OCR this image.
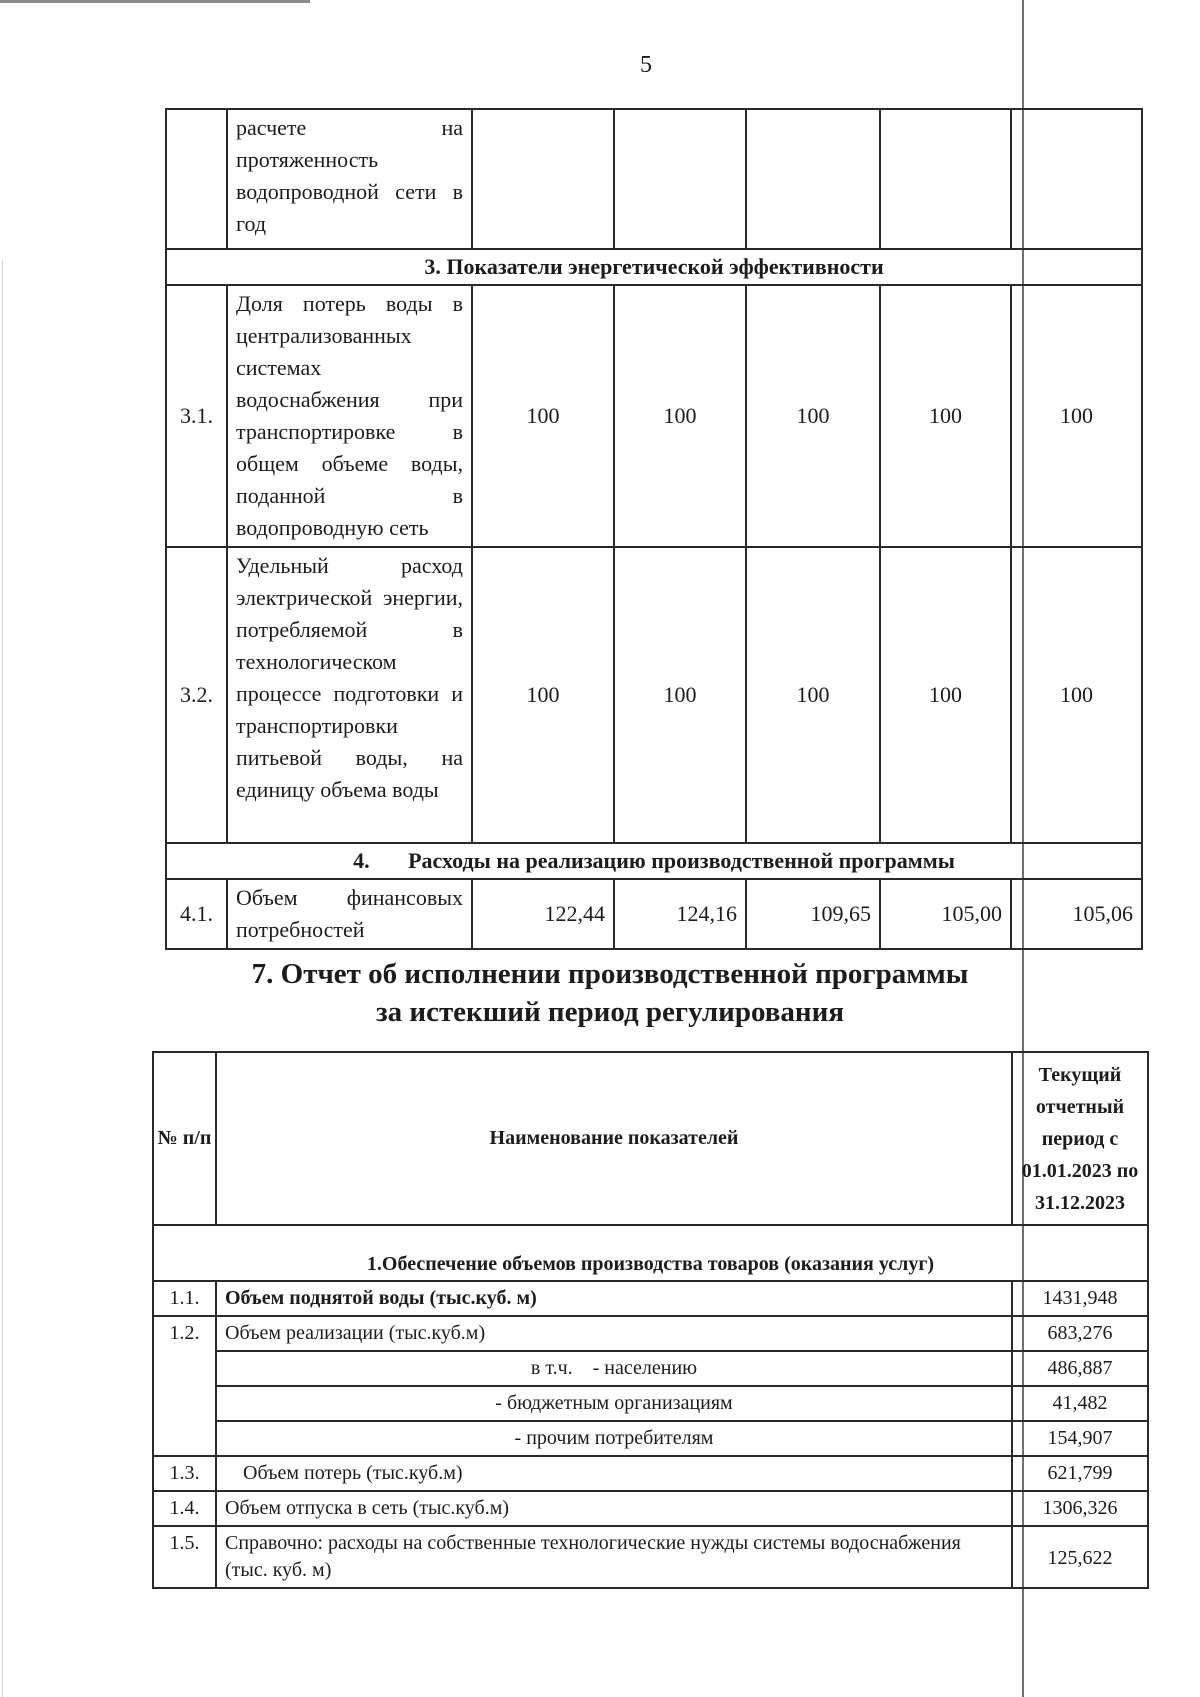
5
	расчете на протяженность водопроводной сети в год					
3. Показатели энергетической эффективности						
3.1.	Доля потерь воды в централизованных системах водоснабжения при транспортировке в общем объеме воды, поданной в водопроводную сеть	100	100	100	100	100
3.2.	Удельный расход электрической энергии, потребляемой в технологическом процессе подготовки и транспортировки питьевой воды, на единицу объема воды	100	100	100	100	100
4.       Расходы на реализацию производственной программы						
4.1.	Объем финансовых потребностей	122,44	124,16	109,65	105,00	105,06
7. Отчет об исполнении производственной программы
за истекший период регулирования
№ п/п	Наименование показателей	Текущий отчетный период с 01.01.2023 по 31.12.2023
1.Обеспечение объемов производства товаров (оказания услуг)		
1.1.	Объем поднятой воды (тыс.куб. м)	1431,948
1.2.	Объем реализации (тыс.куб.м)	683,276
	в т.ч.    - населению	486,887
	- бюджетным организациям	41,482
	- прочим потребителям	154,907
1.3.	Объем потерь (тыс.куб.м)	621,799
1.4.	Объем отпуска в сеть (тыс.куб.м)	1306,326
1.5.	Справочно: расходы на собственные технологические нужды системы водоснабжения (тыс. куб. м)	125,622
